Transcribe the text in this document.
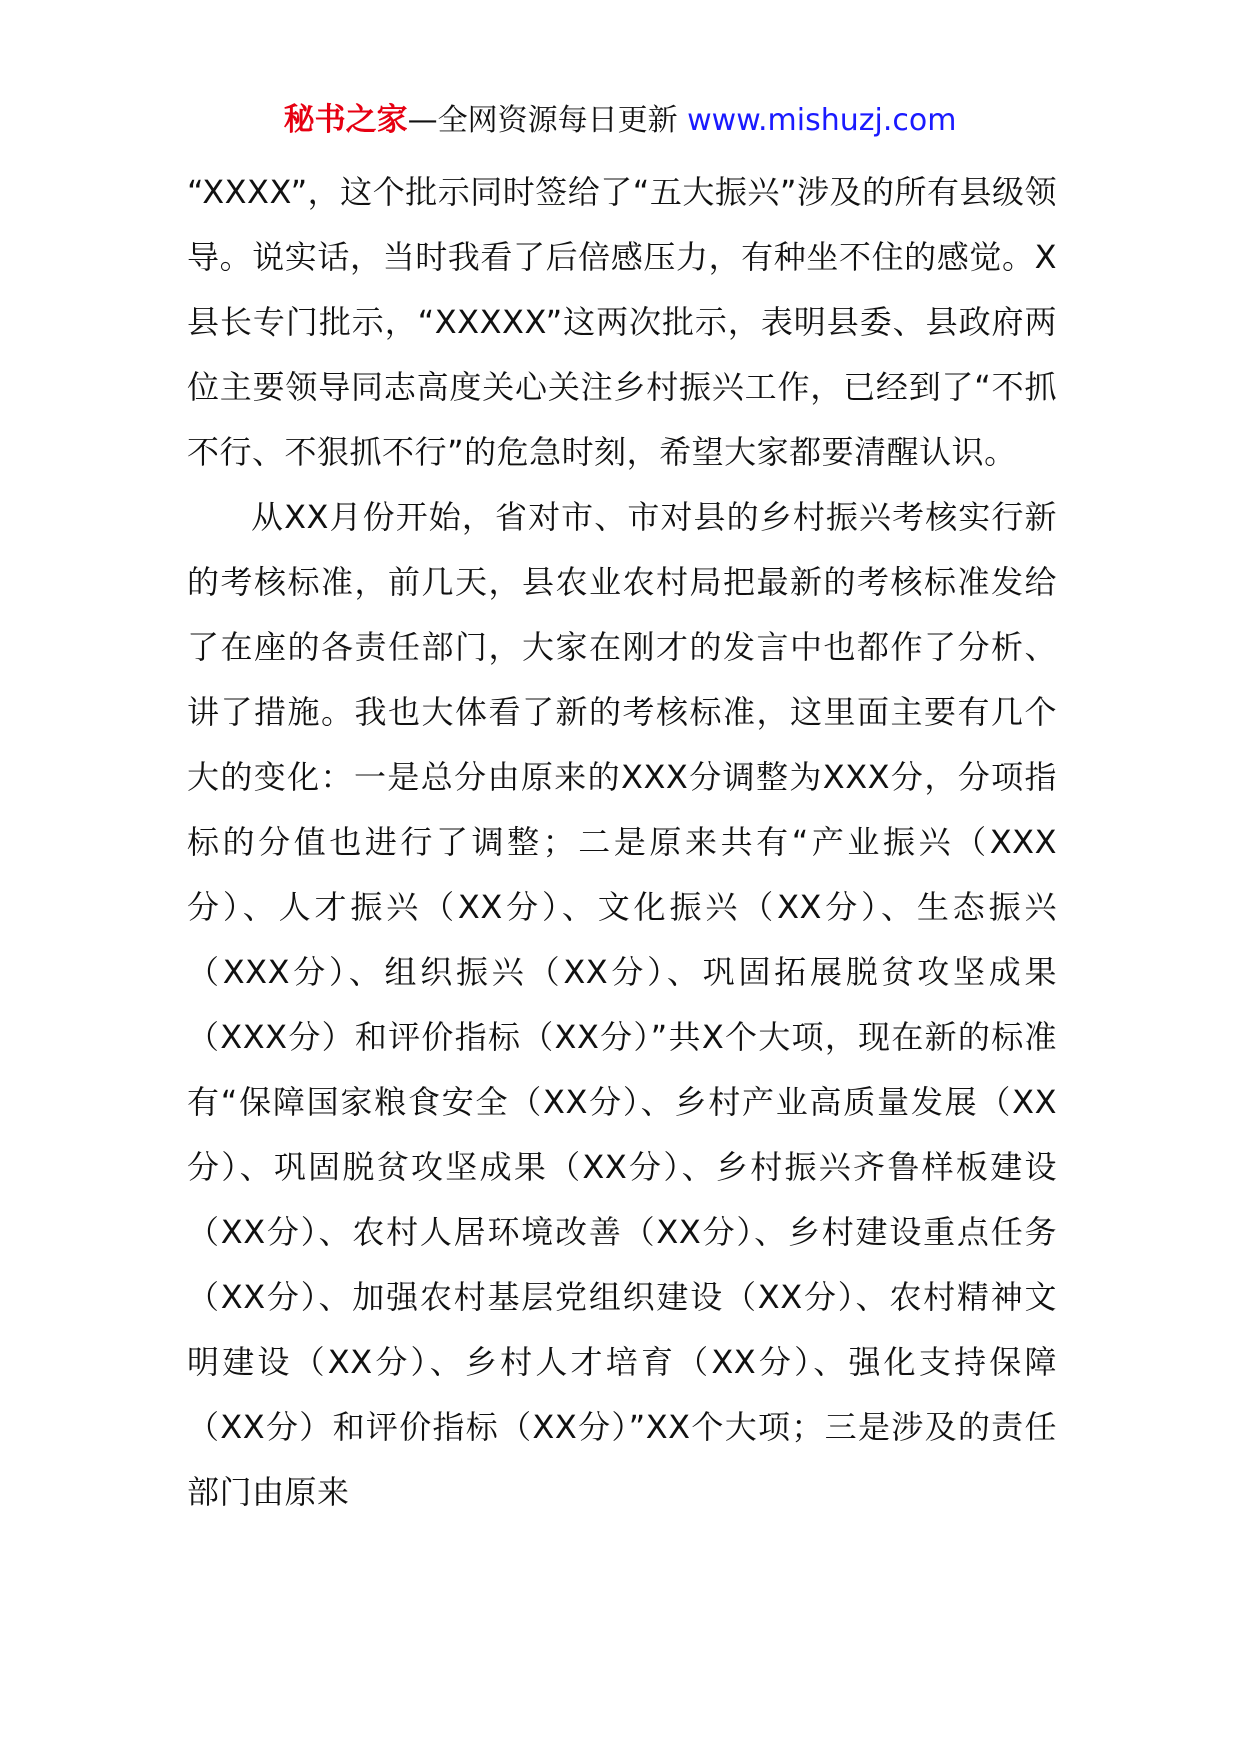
秘书之家—全网资源每日更新 www.mishuzj.com

“XXXX”，这个批示同时签给了“五大振兴”涉及的所有县级领导。说实话，当时我看了后倍感压力，有种坐不住的感觉。X县长专门批示，“XXXXX”这两次批示，表明县委、县政府两位主要领导同志高度关心关注乡村振兴工作，已经到了“不抓不行、不狠抓不行”的危急时刻，希望大家都要清醒认识。

从XX月份开始，省对市、市对县的乡村振兴考核实行新的考核标准，前几天，县农业农村局把最新的考核标准发给了在座的各责任部门，大家在刚才的发言中也都作了分析、讲了措施。我也大体看了新的考核标准，这里面主要有几个大的变化：一是总分由原来的XXX分调整为XXX分，分项指标的分值也进行了调整；二是原来共有“产业振兴（XXX分）、人才振兴（XX分）、文化振兴（XX分）、生态振兴（XXX分）、组织振兴（XX分）、巩固拓展脱贫攻坚成果（XXX分）和评价指标（XX分）”共X个大项，现在新的标准有“保障国家粮食安全（XX分）、乡村产业高质量发展（XX分）、巩固脱贫攻坚成果（XX分）、乡村振兴齐鲁样板建设（XX分）、农村人居环境改善（XX分）、乡村建设重点任务（XX分）、加强农村基层党组织建设（XX分）、农村精神文明建设（XX分）、乡村人才培育（XX分）、强化支持保障（XX分）和评价指标（XX分）”XX个大项；三是涉及的责任部门由原来
